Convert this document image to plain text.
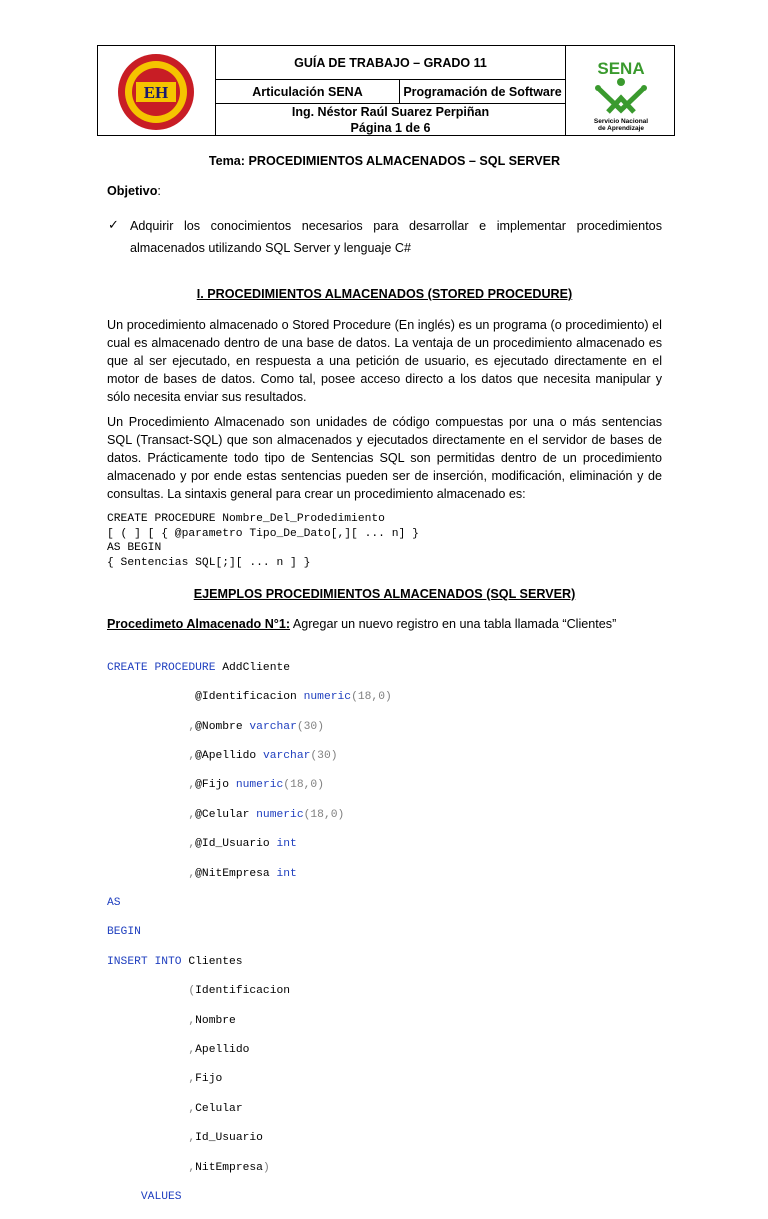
EH
GUÍA DE TRABAJO – GRADO 11
Articulación SENA	Programación de Software
Ing. Néstor Raúl Suarez Perpiñan
Página 1 de 6
SENA
Servicio Nacional
de Aprendizaje
Tema: PROCEDIMIENTOS ALMACENADOS – SQL SERVER
Objetivo:
✓ Adquirir los conocimientos necesarios para desarrollar e implementar procedimientos
almacenados utilizando SQL Server y lenguaje C#
I. PROCEDIMIENTOS ALMACENADOS (STORED PROCEDURE)
Un procedimiento almacenado o Stored Procedure (En inglés) es un programa (o procedimiento) el
cual es almacenado dentro de una base de datos. La ventaja de un procedimiento almacenado es
que al ser ejecutado, en respuesta a una petición de usuario, es ejecutado directamente en el
motor de bases de datos. Como tal, posee acceso directo a los datos que necesita manipular y
sólo necesita enviar sus resultados.
Un Procedimiento Almacenado son unidades de código compuestas por una o más sentencias
SQL (Transact-SQL) que son almacenados y ejecutados directamente en el servidor de bases de
datos. Prácticamente todo tipo de Sentencias SQL son permitidas dentro de un procedimiento
almacenado y por ende estas sentencias pueden ser de inserción, modificación, eliminación y de
consultas. La sintaxis general para crear un procedimiento almacenado es:
CREATE PROCEDURE Nombre_Del_Prodedimiento
[ ( ] [ { @parametro Tipo_De_Dato[,][ ... n] }
AS BEGIN
{ Sentencias SQL[;][ ... n ] }
EJEMPLOS PROCEDIMIENTOS ALMACENADOS (SQL SERVER)
Procedimeto Almacenado N°1: Agregar un nuevo registro en una tabla llamada “Clientes”

CREATE PROCEDURE AddCliente

@Identificacion numeric(18,0)

,@Nombre varchar(30)

,@Apellido varchar(30)

,@Fijo numeric(18,0)

,@Celular numeric(18,0)

,@Id_Usuario int

,@NitEmpresa int

AS

BEGIN

INSERT INTO Clientes

(Identificacion

,Nombre

,Apellido

,Fijo

,Celular

,Id_Usuario

,NitEmpresa)

VALUES
